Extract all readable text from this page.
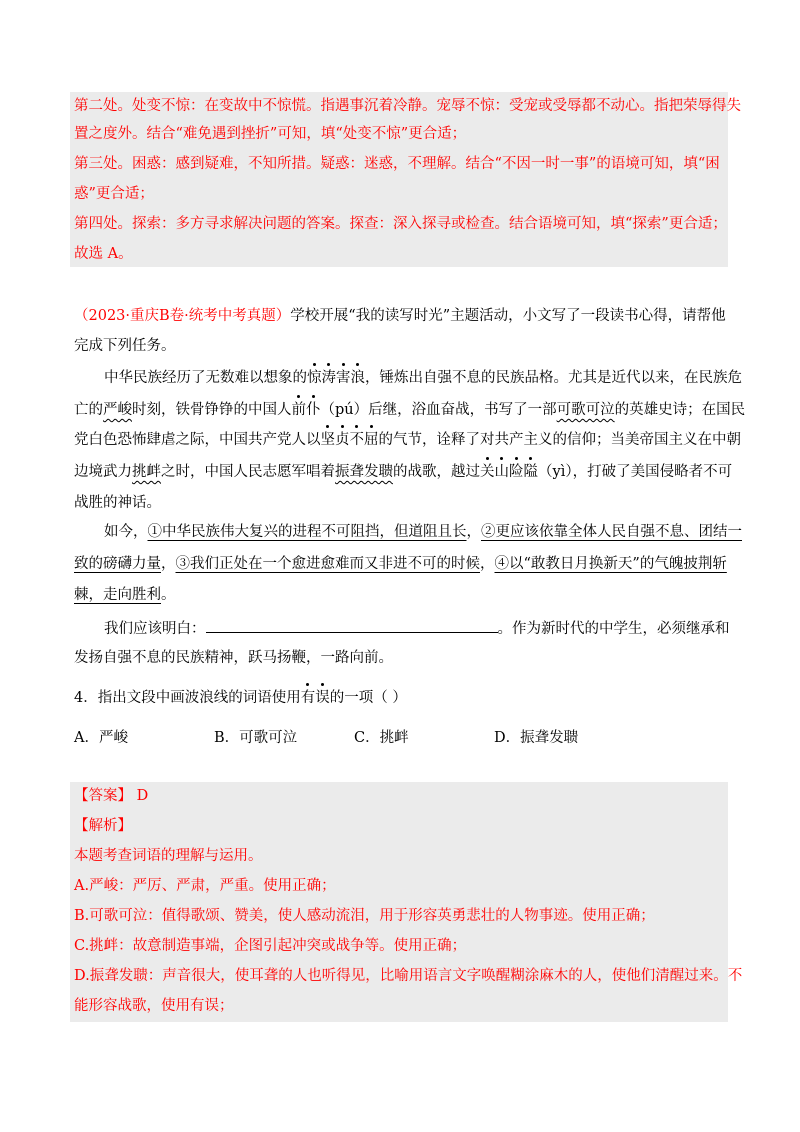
第二处。处变不惊：在变故中不惊慌。指遇事沉着冷静。宠辱不惊：受宠或受辱都不动心。指把荣辱得失
置之度外。结合“难免遇到挫折”可知，填“处变不惊”更合适；
第三处。困惑：感到疑难，不知所措。疑惑：迷惑，不理解。结合“不因一时一事”的语境可知，填“困
惑”更合适；
第四处。探索：多方寻求解决问题的答案。探查：深入探寻或检查。结合语境可知，填“探索”更合适；
故选 A。
（2023·重庆B卷·统考中考真题）学校开展“我的读写时光”主题活动，小文写了一段读书心得，请帮他
完成下列任务。
中华民族经历了无数难以想象的惊涛害浪，锤炼出自强不息的民族品格。尤其是近代以来，在民族危
亡的严峻时刻，铁骨铮铮的中国人前仆（pú）后继，浴血奋战，书写了一部可歌可泣的英雄史诗；在国民
党白色恐怖肆虐之际，中国共产党人以坚贞不屈的气节，诠释了对共产主义的信仰；当美帝国主义在中朝
边境武力挑衅之时，中国人民志愿军唱着振聋发聩的战歌，越过关山险隘（yì），打破了美国侵略者不可
战胜的神话。
如今，①中华民族伟大复兴的进程不可阻挡，但道阻且长，②更应该依靠全体人民自强不息、团结一
致的磅礴力量，③我们正处在一个愈进愈难而又非进不可的时候，④以“敢教日月换新天”的气魄披荆斩
棘，走向胜利。
我们应该明白：	。作为新时代的中学生，必须继承和
发扬自强不息的民族精神，跃马扬鞭，一路向前。
4．指出文段中画波浪线的词语使用有误的一项（ ）
A．严峻	B．可歌可泣	C．挑衅	D．振聋发聩
【答案】 D
【解析】
本题考查词语的理解与运用。
A.严峻：严厉、严肃，严重。使用正确；
B.可歌可泣：值得歌颂、赞美，使人感动流泪，用于形容英勇悲壮的人物事迹。使用正确；
C.挑衅：故意制造事端，企图引起冲突或战争等。使用正确；
D.振聋发聩：声音很大，使耳聋的人也听得见，比喻用语言文字唤醒糊涂麻木的人，使他们清醒过来。不
能形容战歌，使用有误；
